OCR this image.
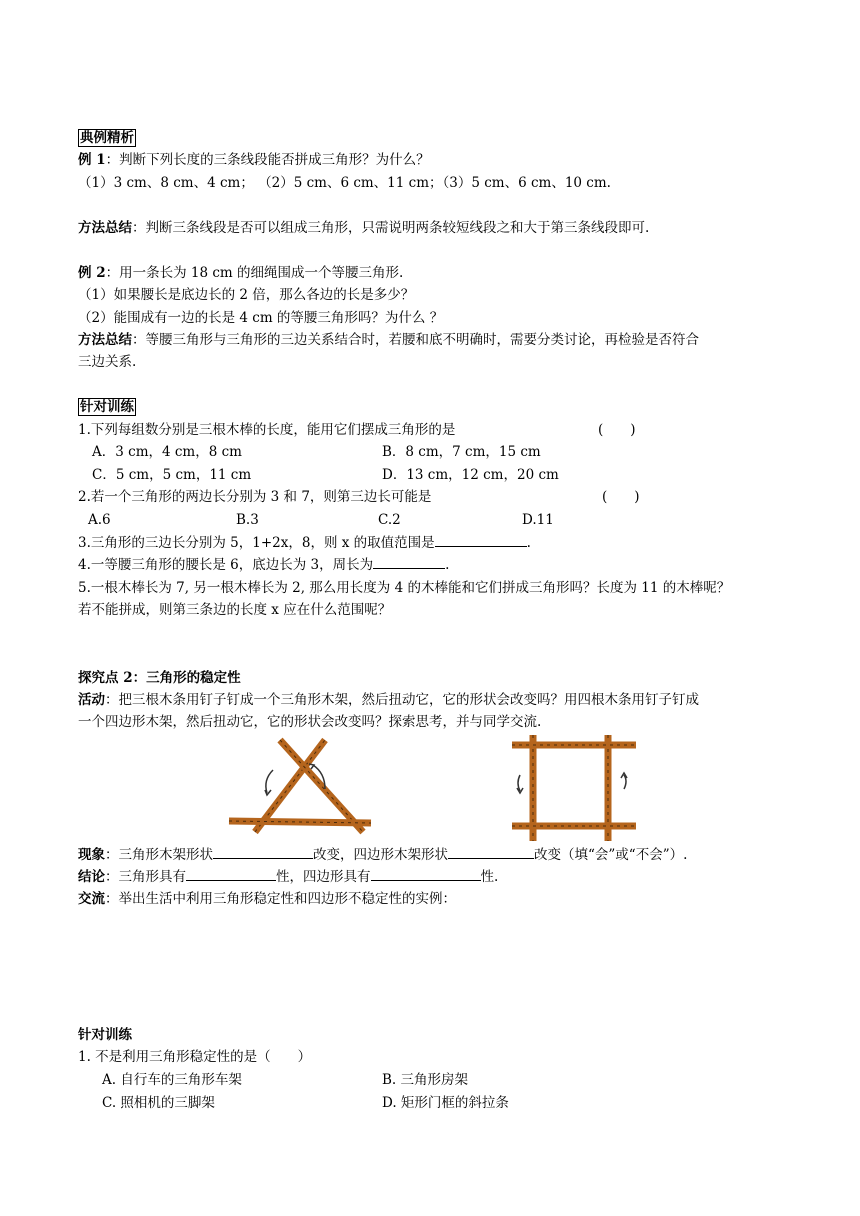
典例精析
例 1：判断下列长度的三条线段能否拼成三角形？为什么？
（1）3 cm、8 cm、4 cm； （2）5 cm、6 cm、11 cm；（3）5 cm、6 cm、10 cm.
方法总结：判断三条线段是否可以组成三角形，只需说明两条较短线段之和大于第三条线段即可.
例 2：用一条长为 18 cm 的细绳围成一个等腰三角形.
（1）如果腰长是底边长的 2 倍，那么各边的长是多少？
（2）能围成有一边的长是 4 cm 的等腰三角形吗？为什么 ？
方法总结：等腰三角形与三角形的三边关系结合时，若腰和底不明确时，需要分类讨论，再检验是否符合
三边关系.
针对训练
1.下列每组数分别是三根木棒的长度，能用它们摆成三角形的是	(　　)
A．3 cm，4 cm，8 cm	B．8 cm，7 cm，15 cm
C．5 cm，5 cm，11 cm	D．13 cm，12 cm，20 cm
2.若一个三角形的两边长分别为 3 和 7，则第三边长可能是	(　　)
A.6	B.3	C.2	D.11
3.三角形的三边长分别为 5，1+2x，8，则 x 的取值范围是	.
4.一等腰三角形的腰长是 6，底边长为 3，周长为	.
5.一根木棒长为 7, 另一根木棒长为 2, 那么用长度为 4 的木棒能和它们拼成三角形吗？长度为 11 的木棒呢？
若不能拼成，则第三条边的长度 x 应在什么范围呢？
探究点 2：三角形的稳定性
活动：把三根木条用钉子钉成一个三角形木架，然后扭动它，它的形状会改变吗？用四根木条用钉子钉成
一个四边形木架，然后扭动它，它的形状会改变吗？探索思考，并与同学交流.
现象：三角形木架形状	改变，四边形木架形状	改变（填“会”或“不会”）.
结论：三角形具有	性，四边形具有	性.
交流：举出生活中利用三角形稳定性和四边形不稳定性的实例：
针对训练
1. 不是利用三角形稳定性的是（　　）
A. 自行车的三角形车架	B. 三角形房架
C. 照相机的三脚架	D. 矩形门框的斜拉条
